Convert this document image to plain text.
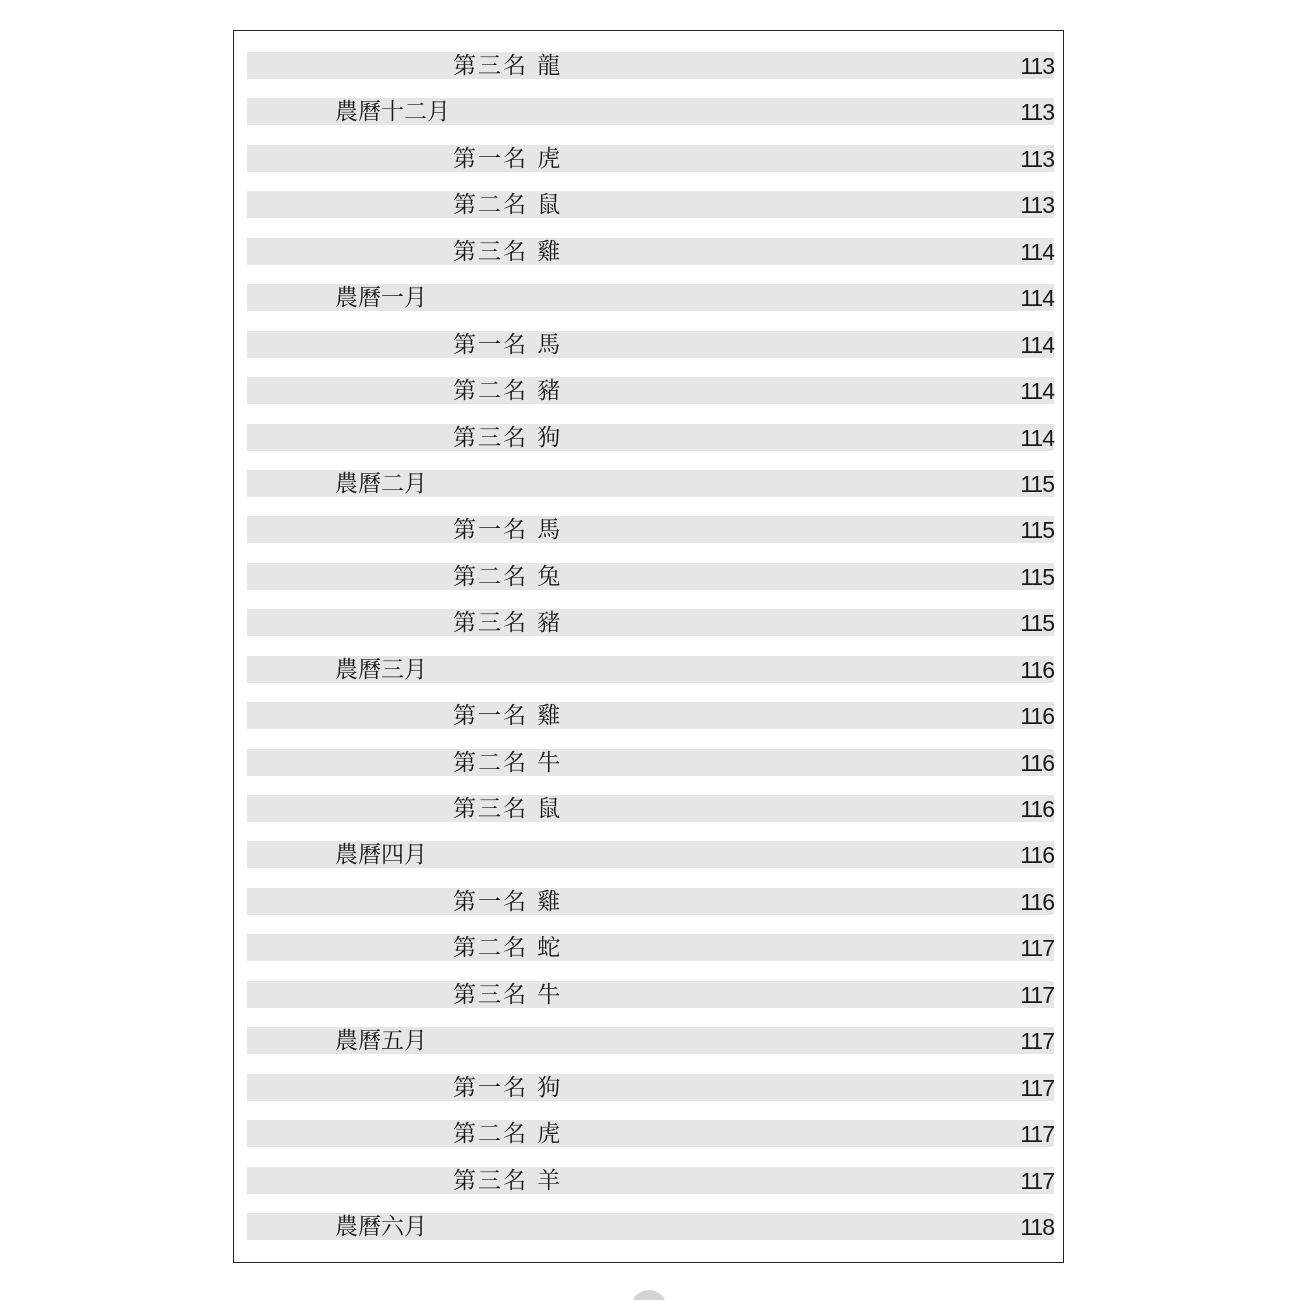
第三名 龍	113
農曆十二月	113
第一名 虎	113
第二名 鼠	113
第三名 雞	114
農曆一月	114
第一名 馬	114
第二名 豬	114
第三名 狗	114
農曆二月	115
第一名 馬	115
第二名 兔	115
第三名 豬	115
農曆三月	116
第一名 雞	116
第二名 牛	116
第三名 鼠	116
農曆四月	116
第一名 雞	116
第二名 蛇	117
第三名 牛	117
農曆五月	117
第一名 狗	117
第二名 虎	117
第三名 羊	117
農曆六月	118
